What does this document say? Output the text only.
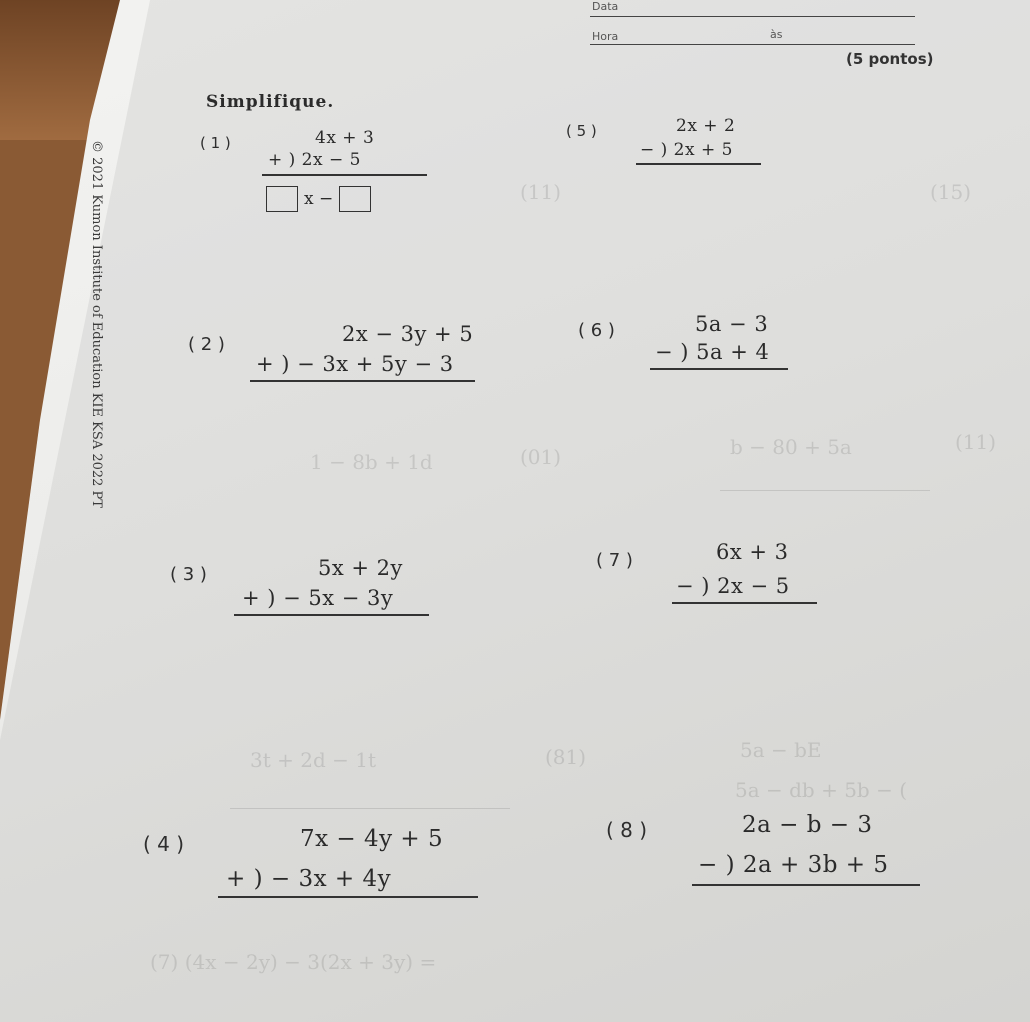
(11)	(15)
1 − 8b + 1d	(01)	b − 80 + 5a	(11)
3t + 2d − 1t	(81)	5a − bE
5a − db + 5b − (
(7) (4x − 2y) − 3(2x + 3y) =
Data
Hora	às
(5 pontos)
Simplifique.
© 2021 Kumon Institute of Education KIE KSA 2022 PT	( 1 )	4x + 3
+ ) 2x − 5
x −
( 2 )	2x − 3y + 5
+ ) − 3x + 5y − 3
( 3 )	5x + 2y
+ ) − 5x − 3y
( 4 )	7x − 4y + 5
+ ) − 3x + 4y
( 5 )	2x + 2
− ) 2x + 5
( 6 )	5a − 3
− ) 5a + 4
( 7 )	6x + 3
− ) 2x − 5
( 8 )	2a − b − 3
− ) 2a + 3b + 5
